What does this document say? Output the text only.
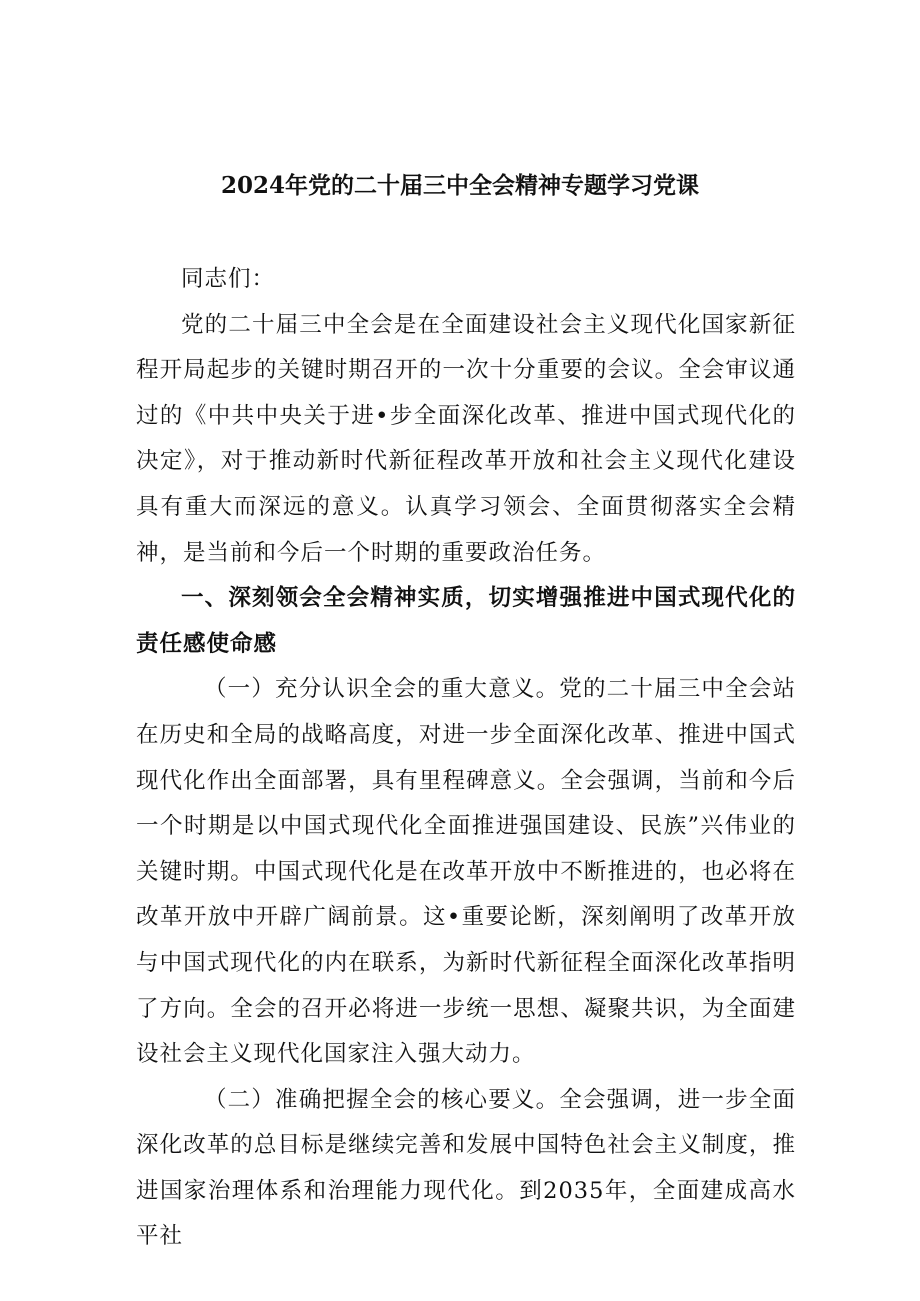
2024年党的二十届三中全会精神专题学习党课

同志们：

党的二十届三中全会是在全面建设社会主义现代化国家新征程开局起步的关键时期召开的一次十分重要的会议。全会审议通过的《中共中央关于进•步全面深化改革、推进中国式现代化的决定》，对于推动新时代新征程改革开放和社会主义现代化建设具有重大而深远的意义。认真学习领会、全面贯彻落实全会精神，是当前和今后一个时期的重要政治任务。

一、深刻领会全会精神实质，切实增强推进中国式现代化的责任感使命感

（一）充分认识全会的重大意义。党的二十届三中全会站在历史和全局的战略高度，对进一步全面深化改革、推进中国式现代化作出全面部署，具有里程碑意义。全会强调，当前和今后一个时期是以中国式现代化全面推进强国建设、民族”兴伟业的关键时期。中国式现代化是在改革开放中不断推进的，也必将在改革开放中开辟广阔前景。这•重要论断，深刻阐明了改革开放与中国式现代化的内在联系，为新时代新征程全面深化改革指明了方向。全会的召开必将进一步统一思想、凝聚共识，为全面建设社会主义现代化国家注入强大动力。

（二）准确把握全会的核心要义。全会强调，进一步全面深化改革的总目标是继续完善和发展中国特色社会主义制度，推进国家治理体系和治理能力现代化。到2035年，全面建成高水平社
